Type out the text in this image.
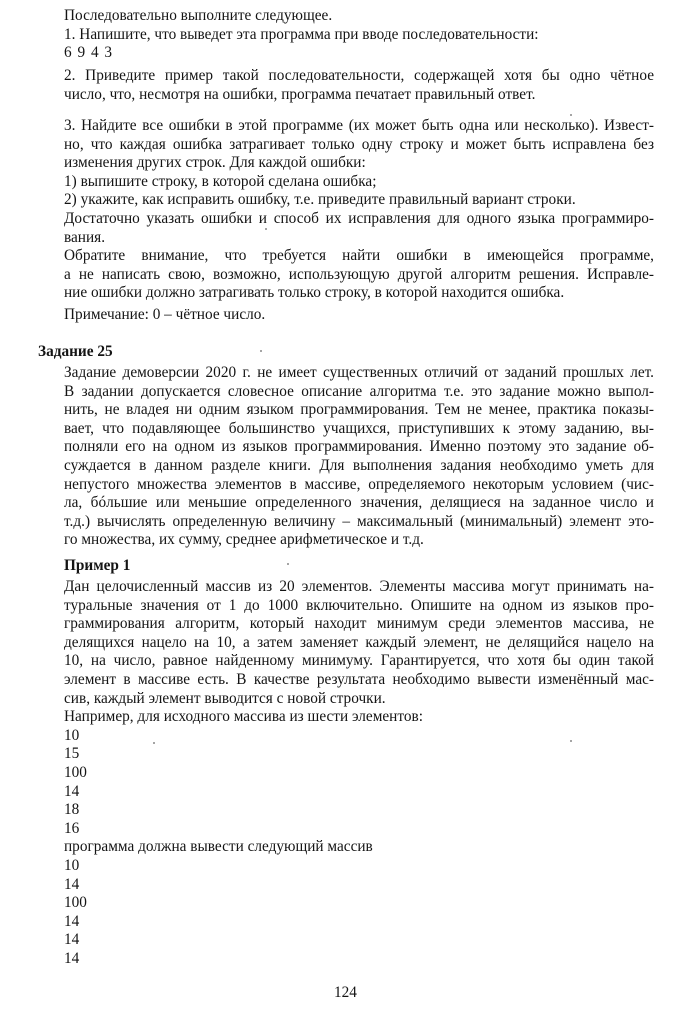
Последовательно выполните следующее.
1. Напишите, что выведет эта программа при вводе последовательности:
6 9 4 3
2. Приведите пример такой последовательности, содержащей хотя бы одно чётное
число, что, несмотря на ошибки, программа печатает правильный ответ.
3. Найдите все ошибки в этой программе (их может быть одна или несколько). Извест-
но, что каждая ошибка затрагивает только одну строку и может быть исправлена без
изменения других строк. Для каждой ошибки:
1) выпишите строку, в которой сделана ошибка;
2) укажите, как исправить ошибку, т.е. приведите правильный вариант строки.
Достаточно указать ошибки и способ их исправления для одного языка программиро-
вания.
Обратите внимание, что требуется найти ошибки в имеющейся программе,
а не написать свою, возможно, использующую другой алгоритм решения. Исправле-
ние ошибки должно затрагивать только строку, в которой находится ошибка.
Примечание: 0 – чётное число.
Задание 25
Задание демоверсии 2020 г. не имеет существенных отличий от заданий прошлых лет.
В задании допускается словесное описание алгоритма т.е. это задание можно выпол-
нить, не владея ни одним языком программирования. Тем не менее, практика показы-
вает, что подавляющее большинство учащихся, приступивших к этому заданию, вы-
полняли его на одном из языков программирования. Именно поэтому это задание об-
суждается в данном разделе книги. Для выполнения задания необходимо уметь для
непустого множества элементов в массиве, определяемого некоторым условием (чис-
ла, бóльшие или меньшие определенного значения, делящиеся на заданное число и
т.д.) вычислять определенную величину – максимальный (минимальный) элемент это-
го множества, их сумму, среднее арифметическое и т.д.
Пример 1
Дан целочисленный массив из 20 элементов. Элементы массива могут принимать на-
туральные значения от 1 до 1000 включительно. Опишите на одном из языков про-
граммирования алгоритм, который находит минимум среди элементов массива, не
делящихся нацело на 10, а затем заменяет каждый элемент, не делящийся нацело на
10, на число, равное найденному минимуму. Гарантируется, что хотя бы один такой
элемент в массиве есть. В качестве результата необходимо вывести изменённый мас-
сив, каждый элемент выводится с новой строчки.
Например, для исходного массива из шести элементов:
10
15
100
14
18
16
программа должна вывести следующий массив
10
14
100
14
14
14
124
